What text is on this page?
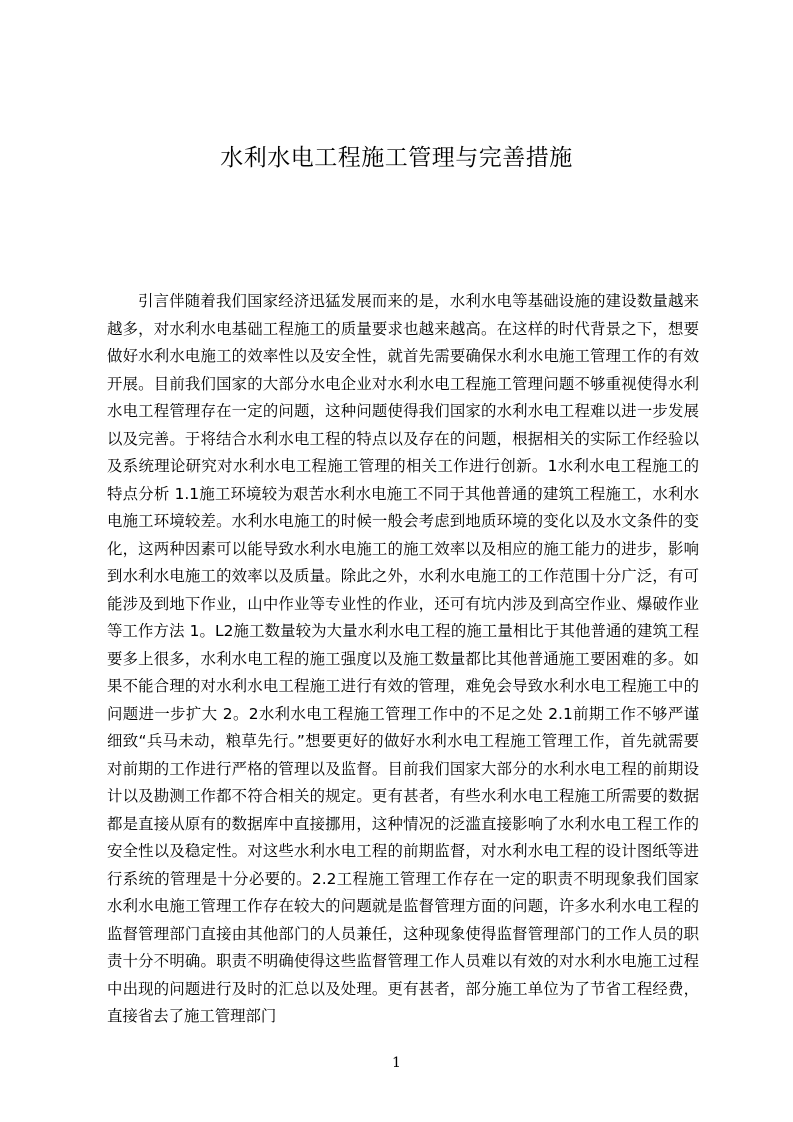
水利水电工程施工管理与完善措施

引言伴随着我们国家经济迅猛发展而来的是，水利水电等基础设施的建设数量越来越多，对水利水电基础工程施工的质量要求也越来越高。在这样的时代背景之下，想要做好水利水电施工的效率性以及安全性，就首先需要确保水利水电施工管理工作的有效开展。目前我们国家的大部分水电企业对水利水电工程施工管理问题不够重视使得水利水电工程管理存在一定的问题，这种问题使得我们国家的水利水电工程难以进一步发展以及完善。于将结合水利水电工程的特点以及存在的问题，根据相关的实际工作经验以及系统理论研究对水利水电工程施工管理的相关工作进行创新。1水利水电工程施工的特点分析 1.1施工环境较为艰苦水利水电施工不同于其他普通的建筑工程施工，水利水电施工环境较差。水利水电施工的时候一般会考虑到地质环境的变化以及水文条件的变化，这两种因素可以能导致水利水电施工的施工效率以及相应的施工能力的进步，影响到水利水电施工的效率以及质量。除此之外，水利水电施工的工作范围十分广泛，有可能涉及到地下作业，山中作业等专业性的作业，还可有坑内涉及到高空作业、爆破作业等工作方法 1。L2施工数量较为大量水利水电工程的施工量相比于其他普通的建筑工程要多上很多，水利水电工程的施工强度以及施工数量都比其他普通施工要困难的多。如果不能合理的对水利水电工程施工进行有效的管理，难免会导致水利水电工程施工中的问题进一步扩大 2。2水利水电工程施工管理工作中的不足之处 2.1前期工作不够严谨细致“兵马未动，粮草先行。”想要更好的做好水利水电工程施工管理工作，首先就需要对前期的工作进行严格的管理以及监督。目前我们国家大部分的水利水电工程的前期设计以及勘测工作都不符合相关的规定。更有甚者，有些水利水电工程施工所需要的数据都是直接从原有的数据库中直接挪用，这种情况的泛滥直接影响了水利水电工程工作的安全性以及稳定性。对这些水利水电工程的前期监督，对水利水电工程的设计图纸等进行系统的管理是十分必要的。2.2工程施工管理工作存在一定的职责不明现象我们国家水利水电施工管理工作存在较大的问题就是监督管理方面的问题，许多水利水电工程的监督管理部门直接由其他部门的人员兼任，这种现象使得监督管理部门的工作人员的职责十分不明确。职责不明确使得这些监督管理工作人员难以有效的对水利水电施工过程中出现的问题进行及时的汇总以及处理。更有甚者，部分施工单位为了节省工程经费，直接省去了施工管理部门

1
